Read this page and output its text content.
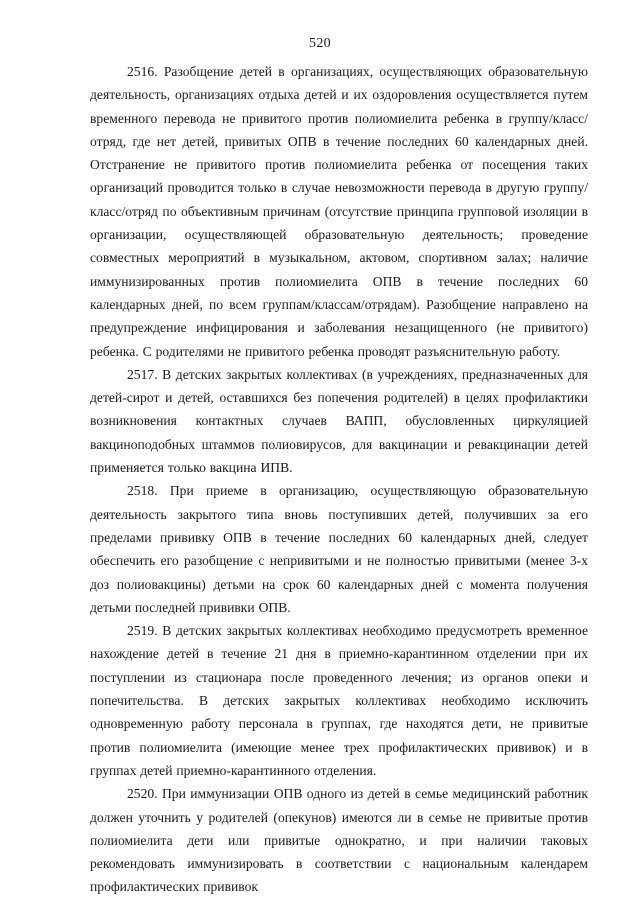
520

2516. Разобщение детей в организациях, осуществляющих образовательную деятельность, организациях отдыха детей и их оздоровления осуществляется путем временного перевода не привитого против полиомиелита ребенка в группу/класс/отряд, где нет детей, привитых ОПВ в течение последних 60 календарных дней. Отстранение не привитого против полиомиелита ребенка от посещения таких организаций проводится только в случае невозможности перевода в другую группу/класс/отряд по объективным причинам (отсутствие принципа групповой изоляции в организации, осуществляющей образовательную деятельность; проведение совместных мероприятий в музыкальном, актовом, спортивном залах; наличие иммунизированных против полиомиелита ОПВ в течение последних 60 календарных дней, по всем группам/классам/отрядам). Разобщение направлено на предупреждение инфицирования и заболевания незащищенного (не привитого) ребенка. С родителями не привитого ребенка проводят разъяснительную работу.

2517. В детских закрытых коллективах (в учреждениях, предназначенных для детей-сирот и детей, оставшихся без попечения родителей) в целях профилактики возникновения контактных случаев ВАПП, обусловленных циркуляцией вакциноподобных штаммов полиовирусов, для вакцинации и ревакцинации детей применяется только вакцина ИПВ.

2518. При приеме в организацию, осуществляющую образовательную деятельность закрытого типа вновь поступивших детей, получивших за его пределами прививку ОПВ в течение последних 60 календарных дней, следует обеспечить его разобщение с непривитыми и не полностью привитыми (менее 3-х доз полиовакцины) детьми на срок 60 календарных дней с момента получения детьми последней прививки ОПВ.

2519. В детских закрытых коллективах необходимо предусмотреть временное нахождение детей в течение 21 дня в приемно-карантинном отделении при их поступлении из стационара после проведенного лечения; из органов опеки и попечительства. В детских закрытых коллективах необходимо исключить одновременную работу персонала в группах, где находятся дети, не привитые против полиомиелита (имеющие менее трех профилактических прививок) и в группах детей приемно-карантинного отделения.

2520. При иммунизации ОПВ одного из детей в семье медицинский работник должен уточнить у родителей (опекунов) имеются ли в семье не привитые против полиомиелита дети или привитые однократно, и при наличии таковых рекомендовать иммунизировать в соответствии с национальным календарем профилактических прививок
